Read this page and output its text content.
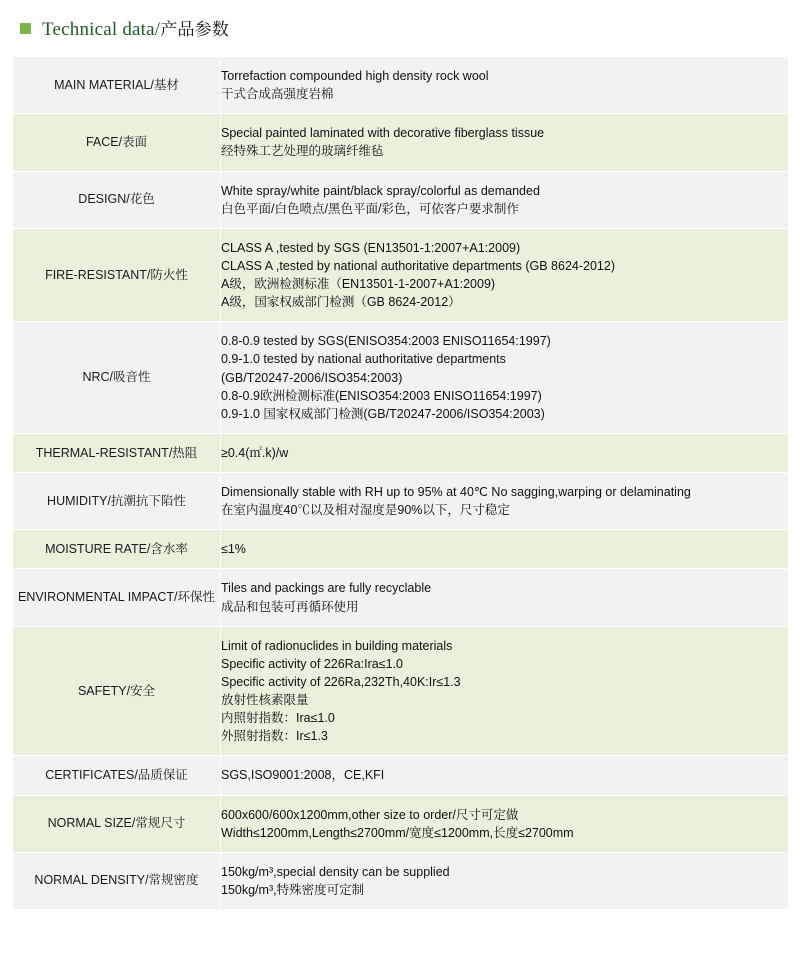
Technical data/产品参数
MAIN MATERIAL/基材	Torrefaction compounded high density rock wool
干式合成高强度岩棉

FACE/表面	Special painted laminated with decorative fiberglass tissue
经特殊工艺处理的玻璃纤维毡

DESIGN/花色	White spray/white paint/black spray/colorful as demanded
白色平面/白色喷点/黑色平面/彩色，可依客户要求制作

FIRE-RESISTANT/防火性	CLASS A ,tested by SGS (EN13501-1:2007+A1:2009)
CLASS A ,tested by national authoritative departments (GB 8624-2012)
A级，欧洲检测标准（EN13501-1-2007+A1:2009)
A级，国家权威部门检测（GB 8624-2012）

NRC/吸音性	0.8-0.9 tested by SGS(ENISO354:2003 ENISO11654:1997)
0.9-1.0 tested by national authoritative departments
(GB/T20247-2006/ISO354:2003)
0.8-0.9欧洲检测标准(ENISO354:2003 ENISO11654:1997)
0.9-1.0 国家权威部门检测(GB/T20247-2006/ISO354:2003)

THERMAL-RESISTANT/热阻	≥0.4(㎡.k)/w

HUMIDITY/抗潮抗下陷性	Dimensionally stable with RH up to 95% at 40℃ No sagging,warping or delaminating
在室内温度40℃以及相对湿度是90%以下，尺寸稳定

MOISTURE RATE/含水率	≤1%

ENVIRONMENTAL IMPACT/环保性	Tiles and packings are fully recyclable
成品和包装可再循环使用

SAFETY/安全	
Limit of radionuclides in building materials
Specific activity of 226Ra:Ira≤1.0
Specific activity of 226Ra,232Th,40K:Ir≤1.3
放射性核素限量
内照射指数：Ira≤1.0
外照射指数：Ir≤1.3

CERTIFICATES/品质保证	SGS,ISO9001:2008，CE,KFI

NORMAL SIZE/常规尺寸	600x600/600x1200mm,other size to order/尺寸可定做
Width≤1200mm,Length≤2700mm/宽度≤1200mm,长度≤2700mm

NORMAL DENSITY/常规密度	150kg/m³,special density can be supplied
150kg/m³,特殊密度可定制
